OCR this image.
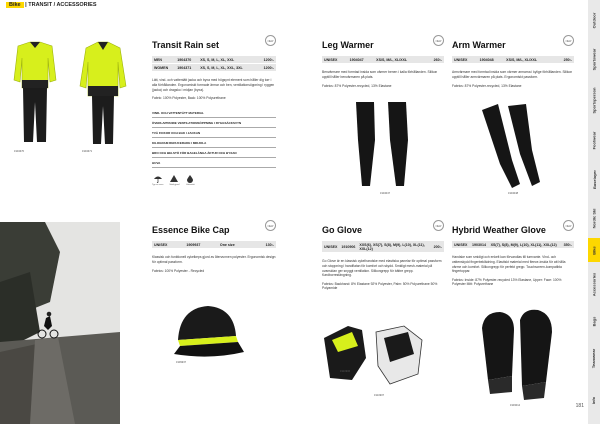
Bike | TRANSIT / ACCESSORIES
1904370	1904371
Transit Rain set	NEW
MEN	1904370	XS, S, M, L, XL, XXL	1200:-
WOMEN	1904371	XS, S, M, L, XL, XXL, 3XL	1200:-
Lätt, vind- och vattentätt jacka och byxa med högsynt element som håller dig torr i alla förhållanden. Ergonomiskt formade ärmar och ben, ventilationsöppning i ryggen (jacka) och dragsko i midjan (byxa).
Fabric: 100% Polyester, Back: 100% Polyurethane
VIND- OCH VATTENTÄTT MATERIAL
ÖVERLAPPANDE VENTILATIONSÖPPNING I RYGGSÄCKSVYN
TVÅ FICKOR OCH BAK I JACKAN
KILOGRAM REDUCERADE I MIDJOLA
BRO OCH BELSTÖ FÖR BAGELÅNGA ÅKTUR OCH BYXAN
HUVA
Typ av reso	Stöd gjord	Vattentät
Leg Warmer	NEW
UNISEX	1904047	XS/S, M/L, XL/XXL	260:-
Benvärmare med formtad insida som värmer benen i kalla förhållanden. Silikon upptill håller benvärmaren på plats.
Fabrics: 87% Polyester-recycled, 13% Elastane
1904047
Arm Warmer	NEW
UNISEX	1904048	XS/S, M/L, XL/XXL	250:-
Armvärmare med formtad insida som värmer armarna i kylige förhållanden. Silikon upptill håller armvärmaren på plats. Ergonomiskt passform.
Fabrics: 87% Polyester-recycled, 13% Elastane
1904048
Essence Bike Cap	NEW
UNISEX	1909937	One size	130:-
Klassisk och funktionell cykelkeps gjord av återvunnen polyester. Ergonomisk design för optimal passform.
Fabrics: 100% Polyester - Recycled
1909937
Go Glove	NEW
UNISEX	1910906	XXS(6), XS(7), S(8), M(9), L(10), XL(11), XXL(12)	200:-
Go Glove är en klassisk cykelhandske med elastiska panelar för optimal passform och stoppning i handflatan för komfort och skydd. Smidigt mesh-material på ovansidan ger snyggt ventilation. Silikongrepp för bättre grepp. Kardborrestängning.
Fabrics: Backhand: 8% Elastane 92% Polyester, Palm: 50% Polyurethane 50% Polyamide
1910906
1910907
Hybrid Weather Glove	NEW
UNISEX	1903014	XS(7), S(8), M(9), L(10), XL(11), XXL(12)	350:-
Handske som smidigt och enkelt kan förvandlas till tumvante. Vind- och vattenskydd fingerbeklädning. Elastiskt material med fleece-insida för att hålla värme och komfort. Silikongrepp för perfekt grepp. Touchscreen-kompatibla fingertoppar.
Fabrics: Inside: 87% Polyester-recycled 13% Elastane, Upper: Face: 100% Polyester Mitt: Polyurethane
1903014
Outdoor
Sportswear
Sportsperson
Footwear
Baselayer
Nordic Ski
Bike
Accessories
Bags
Teamwear
Info
181
